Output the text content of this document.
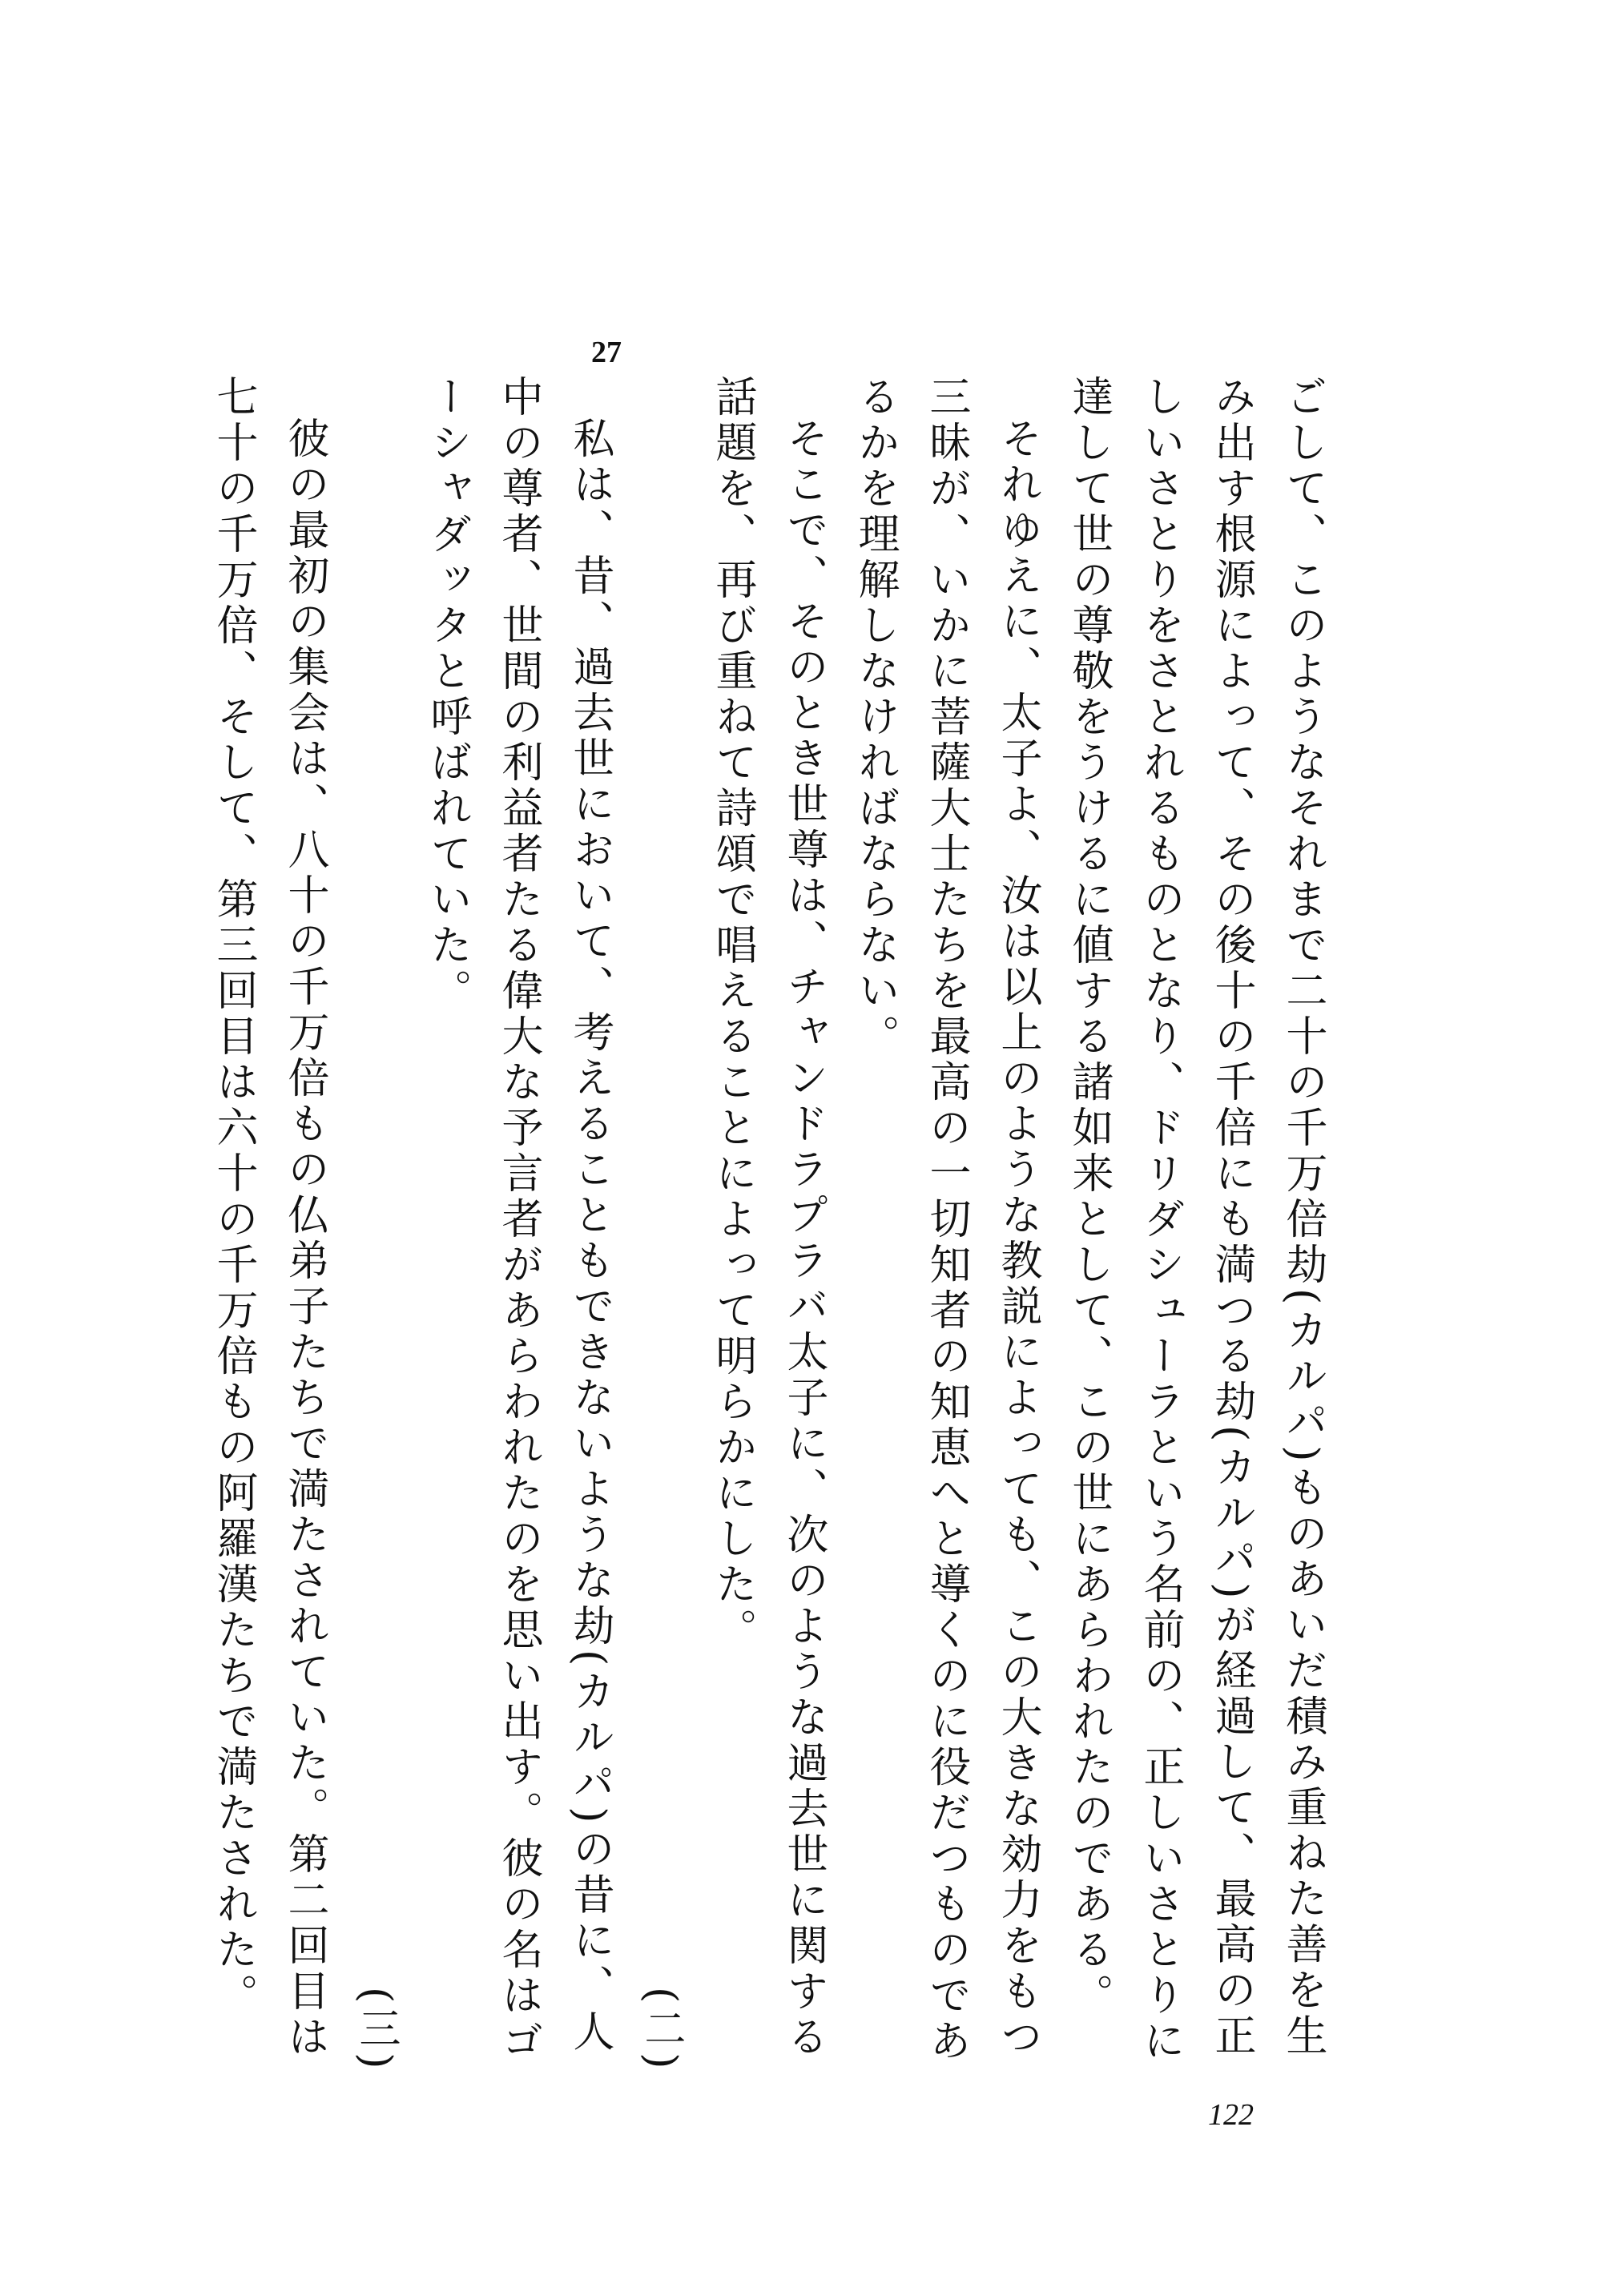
27

ごして、このようなそれまで二十の千万倍劫(カルパ)ものあいだ積み重ねた善を生み出す根源によって、その後十の千倍にも満つる劫(カルパ)が経過して、最高の正しいさとりをさとれるものとなり、ドリダシューラという名前の、正しいさとりに達して世の尊敬をうけるに値する諸如来として、この世にあらわれたのである。

それゆえに、太子よ、汝は以上のような教説によっても、この大きな効力をもつ三昧が、いかに菩薩大士たちを最高の一切知者の知恵へと導くのに役だつものであるかを理解しなければならない。

そこで、そのとき世尊は、チャンドラプラバ太子に、次のような過去世に関する話題を、再び重ねて詩頌で唱えることによって明らかにした。

(二)

私は、昔、過去世において、考えることもできないような劫(カルパ)の昔に、人中の尊者、世間の利益者たる偉大な予言者があらわれたのを思い出す。彼の名はゴーシャダッタと呼ばれていた。

(三)

彼の最初の集会は、八十の千万倍もの仏弟子たちで満たされていた。第二回目は七十の千万倍、そして、第三回目は六十の千万倍もの阿羅漢たちで満たされた。

122
